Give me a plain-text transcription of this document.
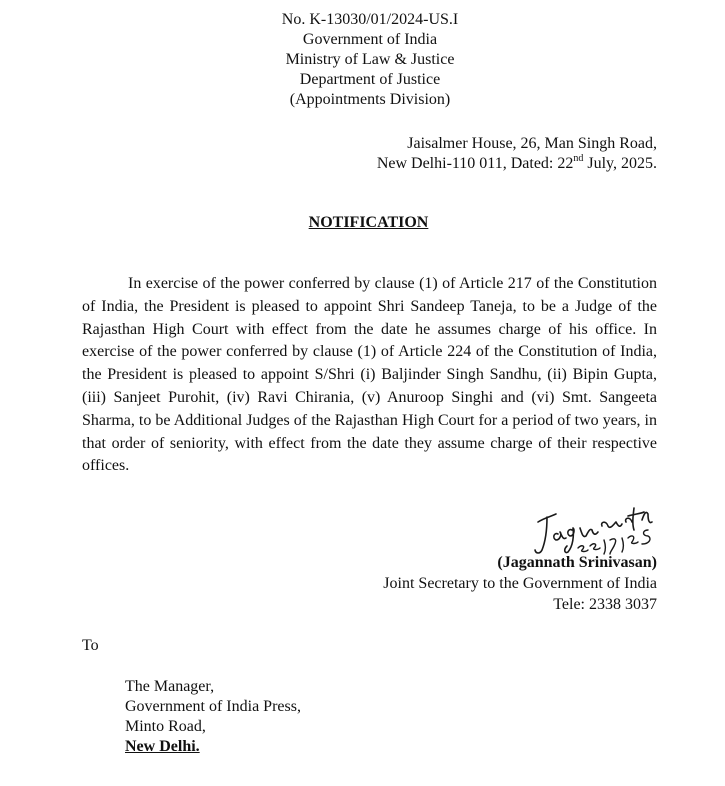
No. K-13030/01/2024-US.I
Government of India
Ministry of Law & Justice
Department of Justice
(Appointments Division)
Jaisalmer House, 26, Man Singh Road,
New Delhi-110 011, Dated: 22nd July, 2025.
NOTIFICATION
In exercise of the power conferred by clause (1) of Article 217 of the Constitution of India, the President is pleased to appoint Shri Sandeep Taneja, to be a Judge of the Rajasthan High Court with effect from the date he assumes charge of his office. In exercise of the power conferred by clause (1) of Article 224 of the Constitution of India, the President is pleased to appoint S/Shri (i) Baljinder Singh Sandhu, (ii) Bipin Gupta, (iii) Sanjeet Purohit, (iv) Ravi Chirania, (v) Anuroop Singhi and (vi) Smt. Sangeeta Sharma, to be Additional Judges of the Rajasthan High Court for a period of two years, in that order of seniority, with effect from the date they assume charge of their respective offices.
Jagannath
(Jagannath Srinivasan)
Joint Secretary to the Government of India
Tele: 2338 3037
To
The Manager,
Government of India Press,
Minto Road,
New Delhi.
